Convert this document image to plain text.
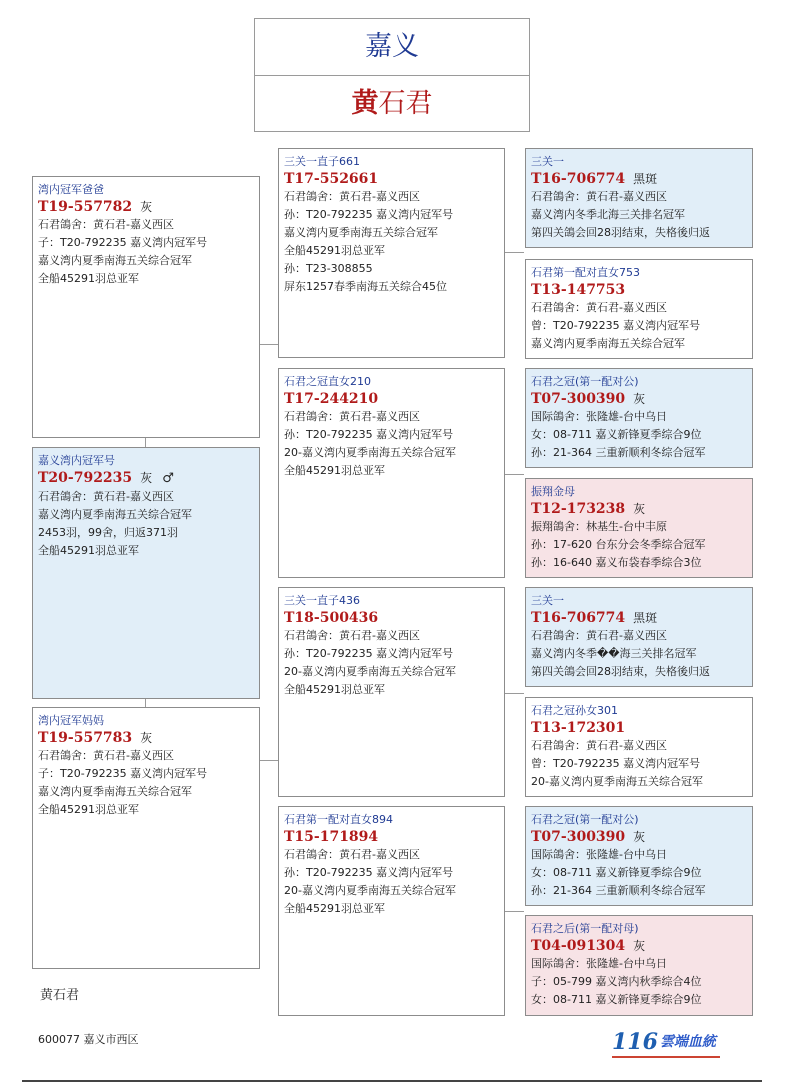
嘉义
黄石君
湾内冠军爸爸
T19-557782 灰
石君鴿舍：黄石君-嘉义西区
子：T20-792235 嘉义湾内冠军号
嘉义湾内夏季南海五关综合冠军
全船45291羽总亚军
嘉义湾内冠军号
T20-792235 灰 ♂
石君鴿舍：黄石君-嘉义西区
嘉义湾内夏季南海五关综合冠军
2453羽，99舍，归返371羽
全船45291羽总亚军
湾内冠军妈妈
T19-557783 灰
石君鴿舍：黄石君-嘉义西区
子：T20-792235 嘉义湾内冠军号
嘉义湾内夏季南海五关综合冠军
全船45291羽总亚军
三关一直子661
T17-552661
石君鴿舍：黄石君-嘉义西区
孙：T20-792235 嘉义湾内冠军号
嘉义湾内夏季南海五关综合冠军
全船45291羽总亚军
孙：T23-308855
屏东1257春季南海五关综合45位
石君之冠直女210
T17-244210
石君鴿舍：黄石君-嘉义西区
孙：T20-792235 嘉义湾内冠军号
20-嘉义湾内夏季南海五关综合冠军
全船45291羽总亚军
三关一直子436
T18-500436
石君鴿舍：黄石君-嘉义西区
孙：T20-792235 嘉义湾内冠军号
20-嘉义湾内夏季南海五关综合冠军
全船45291羽总亚军
石君第一配对直女894
T15-171894
石君鴿舍：黄石君-嘉义西区
孙：T20-792235 嘉义湾内冠军号
20-嘉义湾内夏季南海五关综合冠军
全船45291羽总亚军
三关一
T16-706774 黑斑
石君鴿舍：黄石君-嘉义西区
嘉义湾内冬季北海三关排名冠军
第四关鴿会回28羽结束，失格後归返
石君第一配对直女753
T13-147753
石君鴿舍：黄石君-嘉义西区
曾：T20-792235 嘉义湾内冠军号
嘉义湾内夏季南海五关综合冠军
石君之冠(第一配对公)
T07-300390 灰
国际鴿舍：张隆雄-台中乌日
女：08-711 嘉义新锋夏季综合9位
孙：21-364 三重新顺利冬综合冠军
振翔金母
T12-173238 灰
振翔鴿舍：林基生-台中丰原
孙：17-620 台东分会冬季综合冠军
孙：16-640 嘉义布袋春季综合3位
三关一
T16-706774 黑斑
石君鴿舍：黄石君-嘉义西区
嘉义湾内冬季��海三关排名冠军
第四关鴿会回28羽结束，失格後归返
石君之冠孙女301
T13-172301
石君鴿舍：黄石君-嘉义西区
曾：T20-792235 嘉义湾内冠军号
20-嘉义湾内夏季南海五关综合冠军
石君之冠(第一配对公)
T07-300390 灰
国际鴿舍：张隆雄-台中乌日
女：08-711 嘉义新锋夏季综合9位
孙：21-364 三重新顺利冬综合冠军
石君之后(第一配对母)
T04-091304 灰
国际鴿舍：张隆雄-台中乌日
子：05-799 嘉义湾内秋季综合4位
女：08-711 嘉义新锋夏季综合9位
黄石君
600077 嘉义市西区	116 雲端血統
